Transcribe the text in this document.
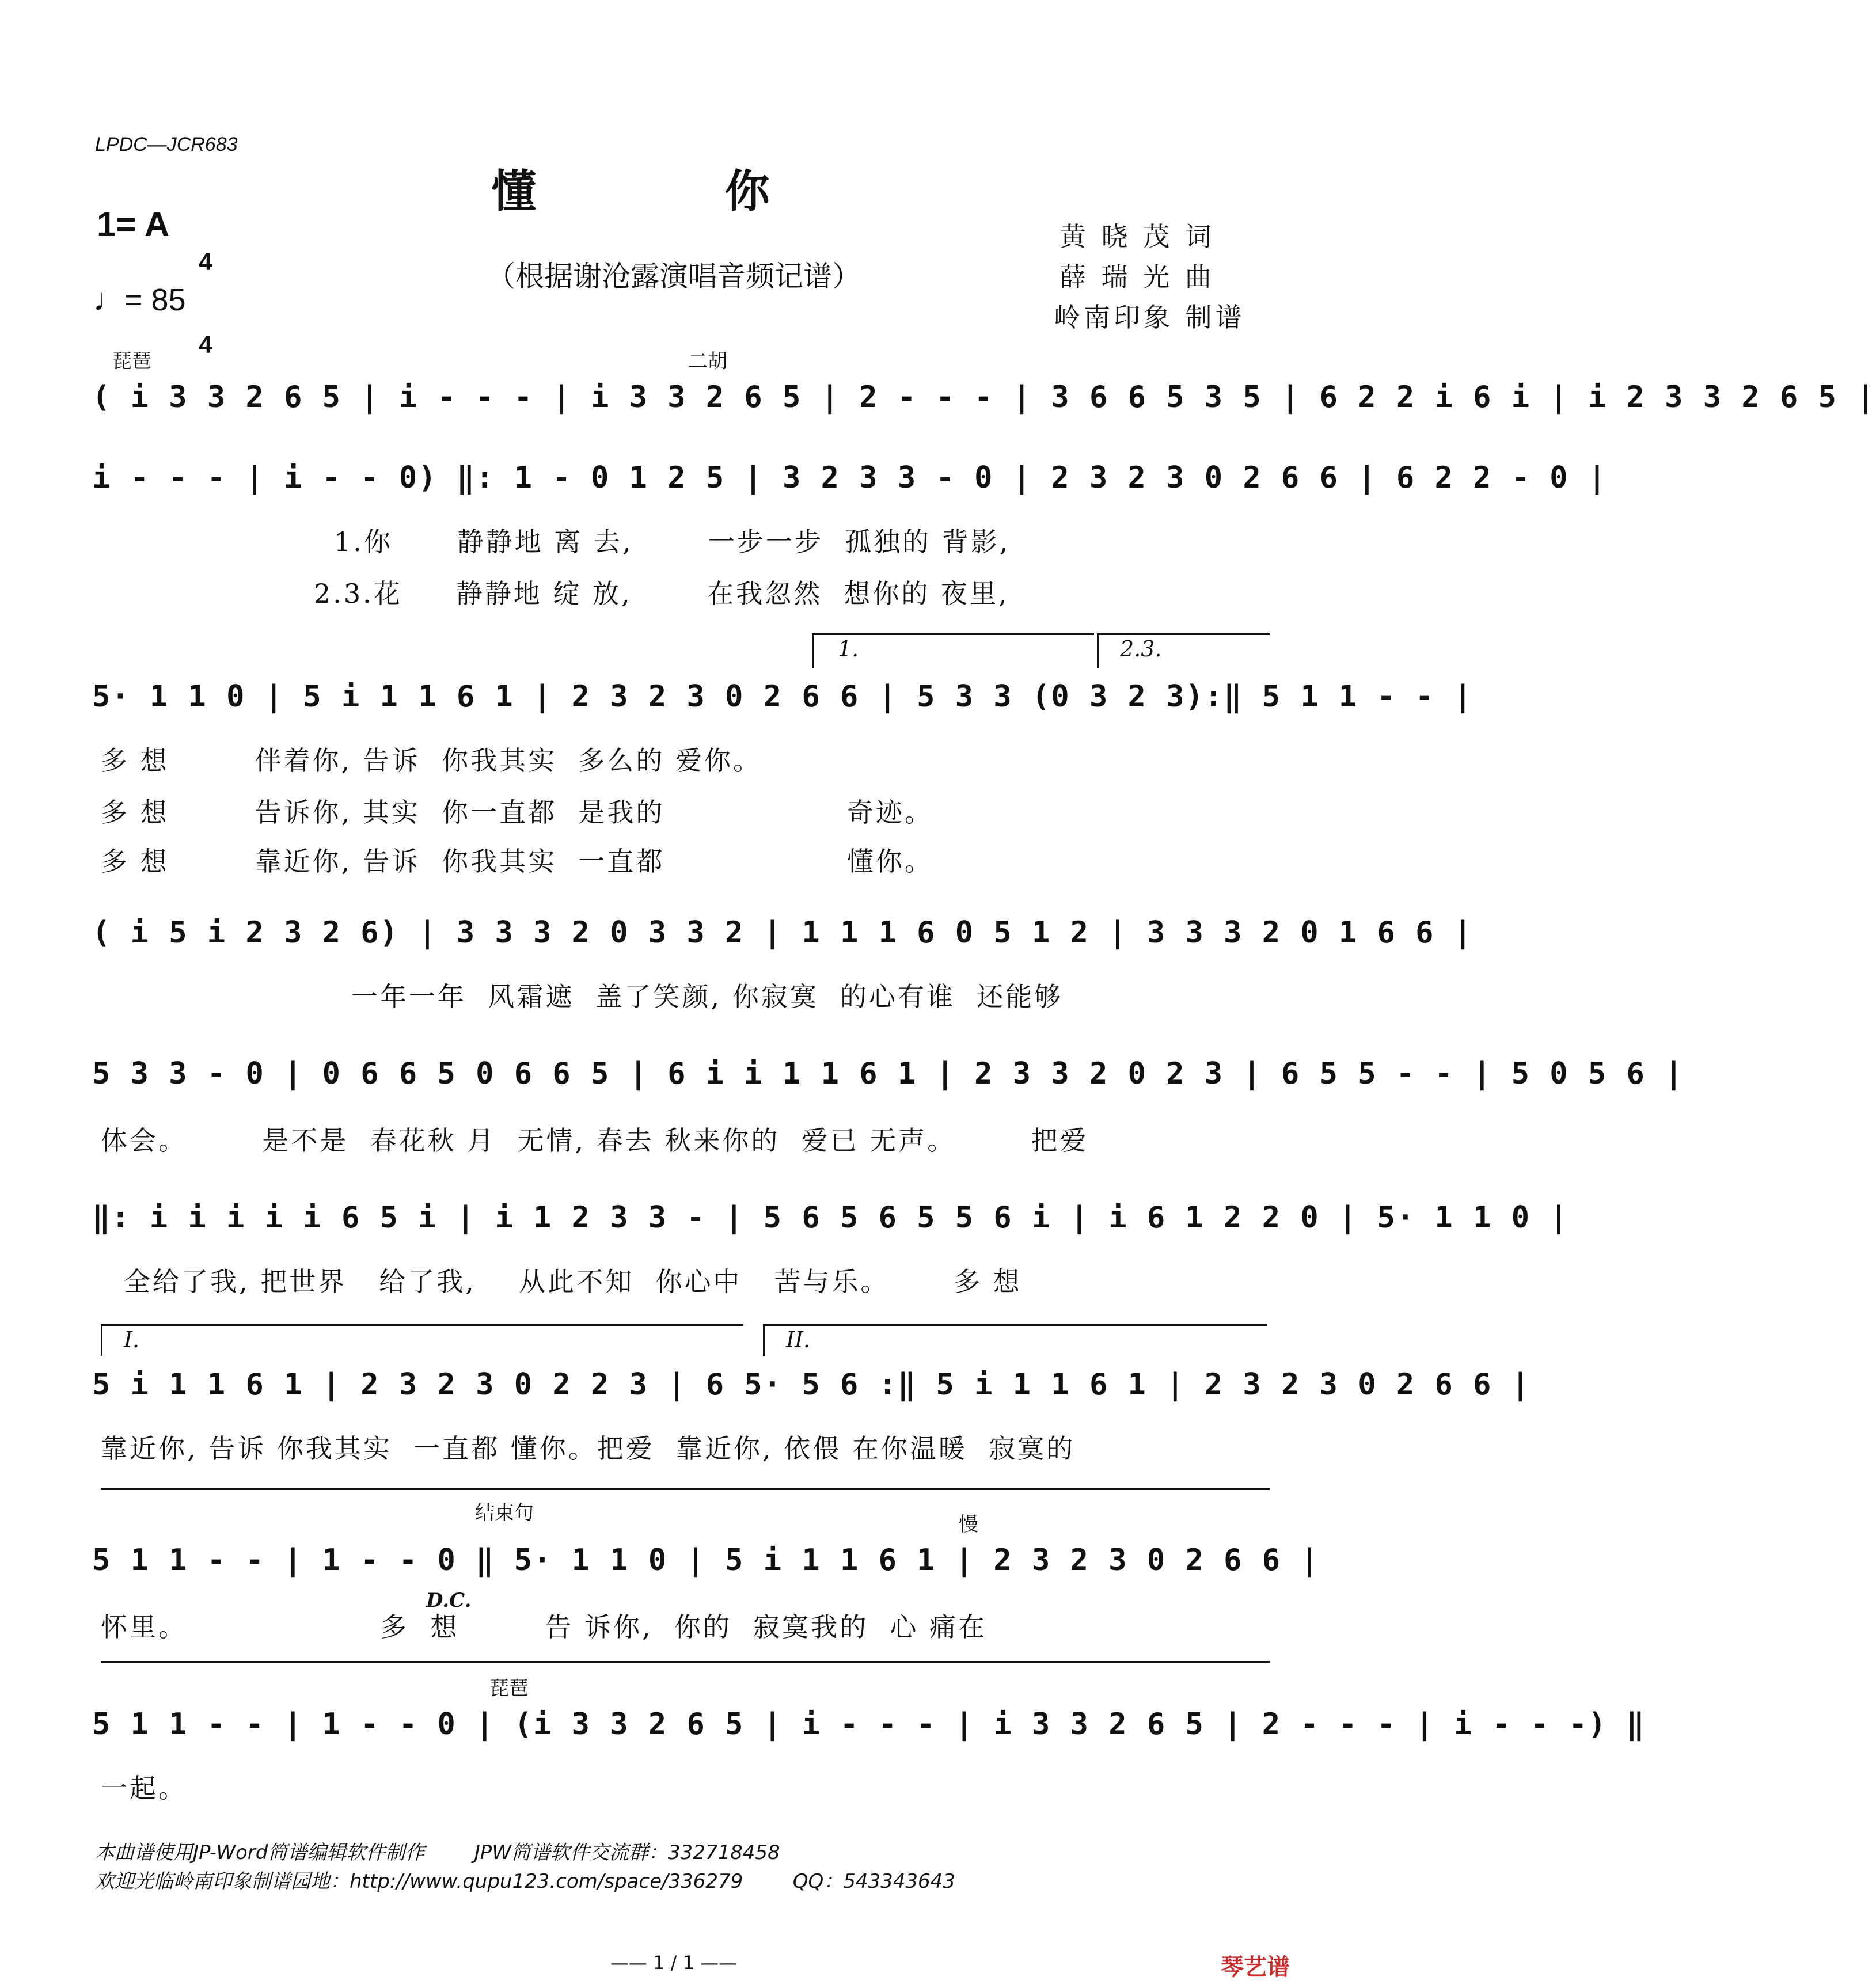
LPDC—JCR683
懂 你
（根据谢沧露演唱音频记谱）
1= A

4

4

♩= 85
黄 晓 茂 词
薛 瑞 光 曲
岭南印象 制谱
琵琶	二胡
( i 3 3 2 6 5 | i - - - | i 3 3 2 6 5 | 2 - - - | 3 6 6 5 3 5 | 6 2 2 i 6 i | i 2 3 3 2 6 5 |
i - - - | i - - 0) ‖: 1 - 0 1 2 5 | 3 2 3 3 - 0 | 2 3 2 3 0 2 6 6 | 6 2 2 - 0 |
1.你      静静地 离 去,       一步一步  孤独的 背影,
2.3.花     静静地 绽 放,       在我忽然  想你的 夜里,
1.	2.3.
5· 1 1 0 | 5 i 1 1 6 1 | 2 3 2 3 0 2 6 6 | 5 3 3 (0 3 2 3):‖ 5 1 1 - - |
多 想        伴着你, 告诉  你我其实  多么的 爱你。
多 想        告诉你, 其实  你一直都  是我的                 奇迹。
多 想        靠近你, 告诉  你我其实  一直都                 懂你。
( i 5 i 2 3 2 6) | 3 3 3 2 0 3 3 2 | 1 1 1 6 0 5 1 2 | 3 3 3 2 0 1 6 6 |
一年一年  风霜遮  盖了笑颜, 你寂寞  的心有谁  还能够
5 3 3 - 0 | 0 6 6 5 0 6 6 5 | 6 i i 1 1 6 1 | 2 3 3 2 0 2 3 | 6 5 5 - - | 5 0 5 6 |
体会。       是不是  春花秋 月  无情, 春去 秋来你的  爱已 无声。       把爱
‖: i i i i i 6 5 i | i 1 2 3 3 - | 5 6 5 6 5 5 6 i | i 6 1 2 2 0 | 5· 1 1 0 |
全给了我, 把世界   给了我,    从此不知  你心中   苦与乐。      多 想
I.	II.
5 i 1 1 6 1 | 2 3 2 3 0 2 2 3 | 6 5· 5 6 :‖ 5 i 1 1 6 1 | 2 3 2 3 0 2 6 6 |
靠近你, 告诉 你我其实  一直都 懂你。把爱  靠近你, 依偎 在你温暖  寂寞的
结束句	慢
5 1 1 - - | 1 - - 0 ‖ 5· 1 1 0 | 5 i 1 1 6 1 | 2 3 2 3 0 2 6 6 |
D.C.
怀里。                  多  想        告 诉你,  你的  寂寞我的  心 痛在
琵琶
5 1 1 - - | 1 - - 0 | (i 3 3 2 6 5 | i - - - | i 3 3 2 6 5 | 2 - - - | i - - -) ‖
一起。
本曲谱使用JP-Word简谱编辑软件制作        JPW简谱软件交流群：332718458
欢迎光临岭南印象制谱园地：http://www.qupu123.com/space/336279        QQ：543343643
—— 1 / 1 ——	琴艺谱
